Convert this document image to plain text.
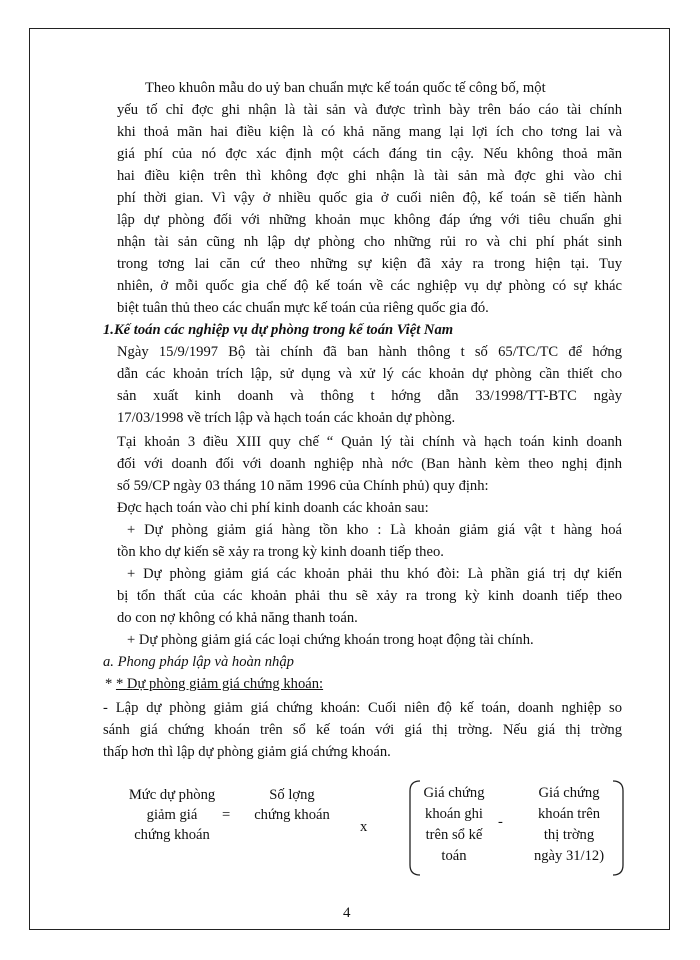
Theo khuôn mẫu do uỷ ban chuẩn mực kế toán quốc tế công bố, một
yếu tố chỉ đợc ghi nhận là tài sản và được trình bày trên báo cáo tài chính
khi thoả mãn hai điều kiện là có khả năng mang lại lợi ích cho tơng lai và
giá phí của nó đợc xác định một cách đáng tin cậy. Nếu không thoả mãn
hai điều kiện trên thì không đợc ghi nhận là tài sản mà đợc ghi vào chi
phí thời gian. Vì vậy ở nhiều quốc gia ở cuối niên độ, kế toán sẽ tiến hành
lập dự phòng đối với những khoản mục không đáp ứng với tiêu chuẩn ghi
nhận tài sản cũng nh lập dự phòng cho những rủi ro và chi phí phát sinh
trong tơng lai căn cứ theo những sự kiện đã xảy ra trong hiện tại. Tuy
nhiên, ở mỗi quốc gia chế độ kế toán về các nghiệp vụ dự phòng có sự khác
biệt tuân thủ theo các chuẩn mực kế toán của riêng quốc gia đó.
1.Kế toán các nghiệp vụ dự phòng trong kế toán Việt Nam
Ngày 15/9/1997 Bộ tài chính đã ban hành thông t số 65/TC/TC để hớng
dẫn các khoản trích lập, sử dụng và xử lý các khoản dự phòng cần thiết cho
sản xuất kinh doanh và thông t hớng dẫn 33/1998/TT-BTC ngày
17/03/1998 về trích lập và hạch toán các khoản dự phòng.
Tại khoản 3 điều XIII quy chế “ Quản lý tài chính và hạch toán kinh doanh
đối với doanh đối với doanh nghiệp nhà nớc (Ban hành kèm theo nghị định
số 59/CP ngày 03 tháng 10 năm 1996 của Chính phủ) quy định:
Đợc hạch toán vào chi phí kinh doanh các khoản sau:
+ Dự phòng giảm giá hàng tồn kho : Là khoản giảm giá vật t hàng hoá
tồn kho dự kiến sẽ xảy ra trong kỳ kinh doanh tiếp theo.
+ Dự phòng giảm giá các khoản phải thu khó đòi: Là phần giá trị dự kiến
bị tổn thất của các khoản phải thu sẽ xảy ra trong kỳ kinh doanh tiếp theo
do con nợ không có khả năng thanh toán.
+ Dự phòng giảm giá các loại chứng khoán trong hoạt động tài chính.
a. Phong pháp lập và hoàn nhập
* * Dự phòng giảm giá chứng khoán:
- Lập dự phòng giảm giá chứng khoán: Cuối niên độ kế toán, doanh nghiệp so
sánh giá chứng khoán trên sổ kế toán với giá thị trờng. Nếu giá thị trờng
thấp hơn thì lập dự phòng giảm giá chứng khoán.
Mức dự phòng
giảm giá
chứng khoán
=
Số lợng
chứng khoán
x
Giá chứng
khoán ghi
trên sổ kế
toán
-
Giá chứng
khoán trên
thị trờng
ngày 31/12)
4
